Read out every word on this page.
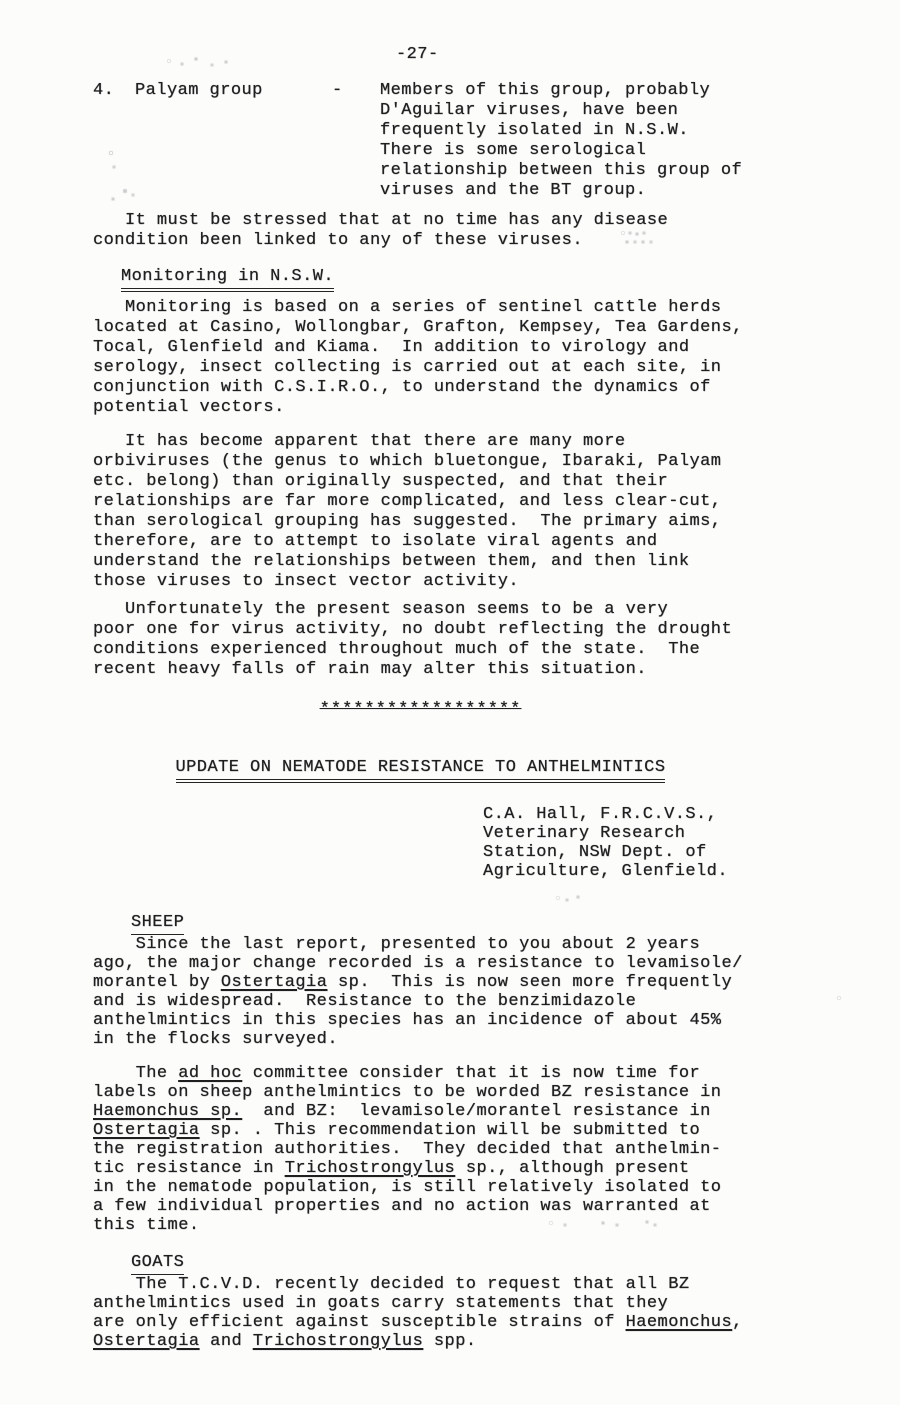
-27-
4.	Palyam group	-	Members of this group, probably
D'Aguilar viruses, have been
frequently isolated in N.S.W.
There is some serological
relationship between this group of
viruses and the BT group.
It must be stressed that at no time has any disease
condition been linked to any of these viruses.
Monitoring in N.S.W.
Monitoring is based on a series of sentinel cattle herds
located at Casino, Wollongbar, Grafton, Kempsey, Tea Gardens,
Tocal, Glenfield and Kiama.  In addition to virology and
serology, insect collecting is carried out at each site, in
conjunction with C.S.I.R.O., to understand the dynamics of
potential vectors.
It has become apparent that there are many more
orbiviruses (the genus to which bluetongue, Ibaraki, Palyam
etc. belong) than originally suspected, and that their
relationships are far more complicated, and less clear-cut,
than serological grouping has suggested.  The primary aims,
therefore, are to attempt to isolate viral agents and
understand the relationships between them, and then link
those viruses to insect vector activity.
Unfortunately the present season seems to be a very
poor one for virus activity, no doubt reflecting the drought
conditions experienced throughout much of the state.  The
recent heavy falls of rain may alter this situation.
******************
UPDATE ON NEMATODE RESISTANCE TO ANTHELMINTICS
C.A. Hall, F.R.C.V.S.,
Veterinary Research
Station, NSW Dept. of
Agriculture, Glenfield.
SHEEP
Since the last report, presented to you about 2 years
ago, the major change recorded is a resistance to levamisole/
morantel by Ostertagia sp.  This is now seen more frequently
and is widespread.  Resistance to the benzimidazole
anthelmintics in this species has an incidence of about 45%
in the flocks surveyed.
The ad hoc committee consider that it is now time for
labels on sheep anthelmintics to be worded BZ resistance in
Haemonchus sp.  and BZ:  levamisole/morantel resistance in
Ostertagia sp. . This recommendation will be submitted to
the registration authorities.  They decided that anthelmin-
tic resistance in Trichostrongylus sp., although present
in the nematode population, is still relatively isolated to
a few individual properties and no action was warranted at
this time.
GOATS
The T.C.V.D. recently decided to request that all BZ
anthelmintics used in goats carry statements that they
are only efficient against susceptible strains of Haemonchus,
Ostertagia and Trichostrongylus spp.
